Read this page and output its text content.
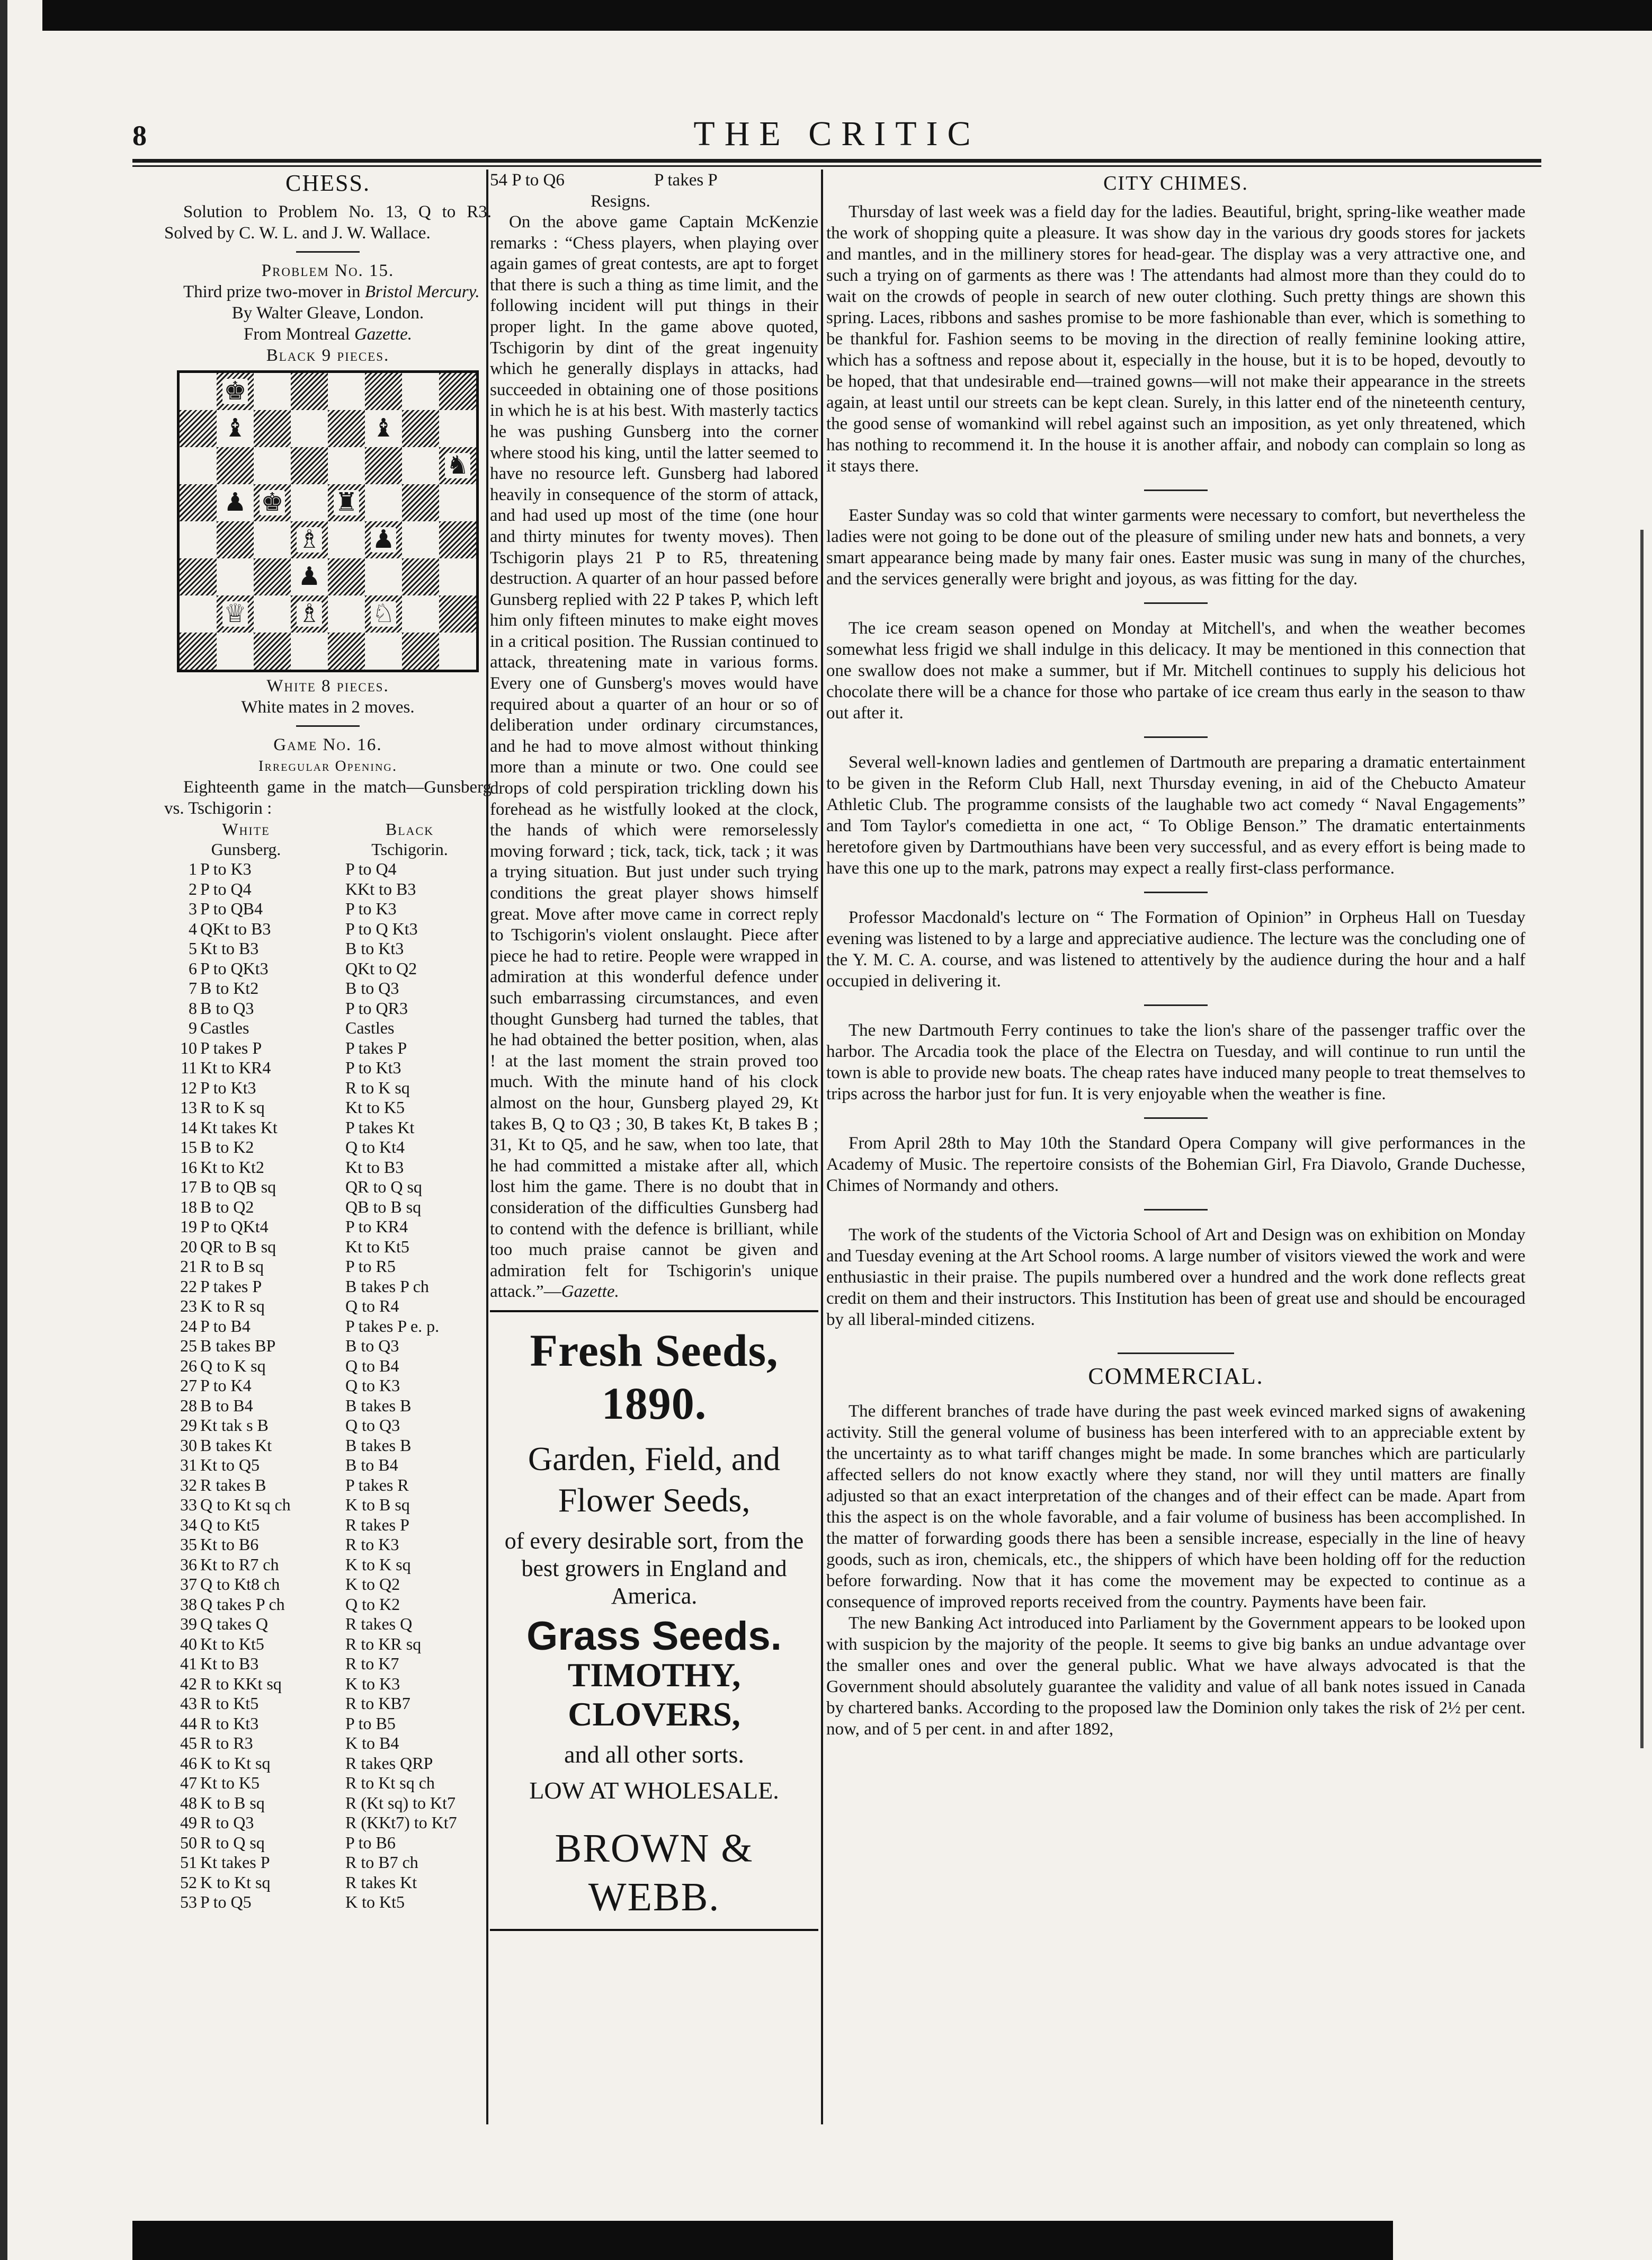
8	THE CRITIC
CHESS.

Solution to Problem No. 13, Q to R3. Solved by C. W. L. and J. W. Wallace.

Problem No. 15.

Third prize two-mover in Bristol Mercury.

By Walter Gleave, London.
From Montreal Gazette.
Black 9 pieces.
♚
♝	♝
♞
♟ ♚ ♜
♗ ♟
♟
♕ ♗ ♘
White 8 pieces.
White mates in 2 moves.
Game No. 16.
Irregular Opening.

Eighteenth game in the match—Gunsberg vs. Tschigorin :

White	Black
Gunsberg.	Tschigorin.
1 P to K3	P to Q4
2 P to Q4	KKt to B3
3 P to QB4	P to K3
4 QKt to B3	P to Q Kt3
5 Kt to B3	B to Kt3
6 P to QKt3	QKt to Q2
7 B to Kt2	B to Q3
8 B to Q3	P to QR3
9 Castles	Castles
10 P takes P	P takes P
11 Kt to KR4	P to Kt3
12 P to Kt3	R to K sq
13 R to K sq	Kt to K5
14 Kt takes Kt	P takes Kt
15 B to K2	Q to Kt4
16 Kt to Kt2	Kt to B3
17 B to QB sq	QR to Q sq
18 B to Q2	QB to B sq
19 P to QKt4	P to KR4
20 QR to B sq	Kt to Kt5
21 R to B sq	P to R5
22 P takes P	B takes P ch
23 K to R sq	Q to R4
24 P to B4	P takes P e. p.
25 B takes BP	B to Q3
26 Q to K sq	Q to B4
27 P to K4	Q to K3
28 B to B4	B takes B
29 Kt tak s B	Q to Q3
30 B takes Kt	B takes B
31 Kt to Q5	B to B4
32 R takes B	P takes R
33 Q to Kt sq ch	K to B sq
34 Q to Kt5	R takes P
35 Kt to B6	R to K3
36 Kt to R7 ch	K to K sq
37 Q to Kt8 ch	K to Q2
38 Q takes P ch	Q to K2
39 Q takes Q	R takes Q
40 Kt to Kt5	R to KR sq
41 Kt to B3	R to K7
42 R to KKt sq	K to K3
43 R to Kt5	R to KB7
44 R to Kt3	P to B5
45 R to R3	K to B4
46 K to Kt sq	R takes QRP
47 Kt to K5	R to Kt sq ch
48 K to B sq	R (Kt sq) to Kt7
49 R to Q3	R (KKt7) to Kt7
50 R to Q sq	P to B6
51 Kt takes P	R to B7 ch
52 K to Kt sq	R takes Kt
53 P to Q5	K to Kt5
54 P to Q6	P takes P
Resigns.

On the above game Captain McKenzie remarks : “Chess players, when playing over again games of great contests, are apt to forget that there is such a thing as time limit, and the following incident will put things in their proper light. In the game above quoted, Tschigorin by dint of the great ingenuity which he generally displays in attacks, had succeeded in obtaining one of those positions in which he is at his best. With masterly tactics he was pushing Gunsberg into the corner where stood his king, until the latter seemed to have no resource left. Gunsberg had labored heavily in consequence of the storm of attack, and had used up most of the time (one hour and thirty minutes for twenty moves). Then Tschigorin plays 21 P to R5, threatening destruction. A quarter of an hour passed before Gunsberg replied with 22 P takes P, which left him only fifteen minutes to make eight moves in a critical position. The Russian continued to attack, threatening mate in various forms. Every one of Gunsberg's moves would have required about a quarter of an hour or so of deliberation under ordinary circumstances, and he had to move almost without thinking more than a minute or two. One could see drops of cold perspiration trickling down his forehead as he wistfully looked at the clock, the hands of which were remorselessly moving forward ; tick, tack, tick, tack ; it was a trying situation. But just under such trying conditions the great player shows himself great. Move after move came in correct reply to Tschigorin's violent onslaught. Piece after piece he had to retire. People were wrapped in admiration at this wonderful defence under such embarrassing circumstances, and even thought Gunsberg had turned the tables, that he had obtained the better position, when, alas ! at the last moment the strain proved too much. With the minute hand of his clock almost on the hour, Gunsberg played 29, Kt takes B, Q to Q3 ; 30, B takes Kt, B takes B ; 31, Kt to Q5, and he saw, when too late, that he had committed a mistake after all, which lost him the game. There is no doubt that in consideration of the difficulties Gunsberg had to contend with the defence is brilliant, while too much praise cannot be given and admiration felt for Tschigorin's unique attack.”—Gazette.

Fresh Seeds, 1890.
Garden, Field, and
Flower Seeds,
of every desirable sort, from the best growers in England and America.
Grass Seeds.
TIMOTHY, CLOVERS,
and all other sorts.
LOW AT WHOLESALE.
BROWN & WEBB.
CITY CHIMES.

Thursday of last week was a field day for the ladies. Beautiful, bright, spring-like weather made the work of shopping quite a pleasure. It was show day in the various dry goods stores for jackets and mantles, and in the millinery stores for head-gear. The display was a very attractive one, and such a trying on of garments as there was ! The attendants had almost more than they could do to wait on the crowds of people in search of new outer clothing. Such pretty things are shown this spring. Laces, ribbons and sashes promise to be more fashionable than ever, which is something to be thankful for. Fashion seems to be moving in the direction of really feminine looking attire, which has a softness and repose about it, especially in the house, but it is to be hoped, devoutly to be hoped, that that undesirable end—trained gowns—will not make their appearance in the streets again, at least until our streets can be kept clean. Surely, in this latter end of the nineteenth century, the good sense of womankind will rebel against such an imposition, as yet only threatened, which has nothing to recommend it. In the house it is another affair, and nobody can complain so long as it stays there.

Easter Sunday was so cold that winter garments were necessary to comfort, but nevertheless the ladies were not going to be done out of the pleasure of smiling under new hats and bonnets, a very smart appearance being made by many fair ones. Easter music was sung in many of the churches, and the services generally were bright and joyous, as was fitting for the day.

The ice cream season opened on Monday at Mitchell's, and when the weather becomes somewhat less frigid we shall indulge in this delicacy. It may be mentioned in this connection that one swallow does not make a summer, but if Mr. Mitchell continues to supply his delicious hot chocolate there will be a chance for those who partake of ice cream thus early in the season to thaw out after it.

Several well-known ladies and gentlemen of Dartmouth are preparing a dramatic entertainment to be given in the Reform Club Hall, next Thursday evening, in aid of the Chebucto Amateur Athletic Club. The programme consists of the laughable two act comedy “ Naval Engagements” and Tom Taylor's comedietta in one act, “ To Oblige Benson.” The dramatic entertainments heretofore given by Dartmouthians have been very successful, and as every effort is being made to have this one up to the mark, patrons may expect a really first-class performance.

Professor Macdonald's lecture on “ The Formation of Opinion” in Orpheus Hall on Tuesday evening was listened to by a large and appreciative audience. The lecture was the concluding one of the Y. M. C. A. course, and was listened to attentively by the audience during the hour and a half occupied in delivering it.

The new Dartmouth Ferry continues to take the lion's share of the passenger traffic over the harbor. The Arcadia took the place of the Electra on Tuesday, and will continue to run until the town is able to provide new boats. The cheap rates have induced many people to treat themselves to trips across the harbor just for fun. It is very enjoyable when the weather is fine.

From April 28th to May 10th the Standard Opera Company will give performances in the Academy of Music. The repertoire consists of the Bohemian Girl, Fra Diavolo, Grande Duchesse, Chimes of Normandy and others.

The work of the students of the Victoria School of Art and Design was on exhibition on Monday and Tuesday evening at the Art School rooms. A large number of visitors viewed the work and were enthusiastic in their praise. The pupils numbered over a hundred and the work done reflects great credit on them and their instructors. This Institution has been of great use and should be encouraged by all liberal-minded citizens.

COMMERCIAL.

The different branches of trade have during the past week evinced marked signs of awakening activity. Still the general volume of business has been interfered with to an appreciable extent by the uncertainty as to what tariff changes might be made. In some branches which are particularly affected sellers do not know exactly where they stand, nor will they until matters are finally adjusted so that an exact interpretation of the changes and of their effect can be made. Apart from this the aspect is on the whole favorable, and a fair volume of business has been accomplished. In the matter of forwarding goods there has been a sensible increase, especially in the line of heavy goods, such as iron, chemicals, etc., the shippers of which have been holding off for the reduction before forwarding. Now that it has come the movement may be expected to continue as a consequence of improved reports received from the country. Payments have been fair.

The new Banking Act introduced into Parliament by the Government appears to be looked upon with suspicion by the majority of the people. It seems to give big banks an undue advantage over the smaller ones and over the general public. What we have always advocated is that the Government should absolutely guarantee the validity and value of all bank notes issued in Canada by chartered banks. According to the proposed law the Dominion only takes the risk of 2½ per cent. now, and of 5 per cent. in and after 1892,
